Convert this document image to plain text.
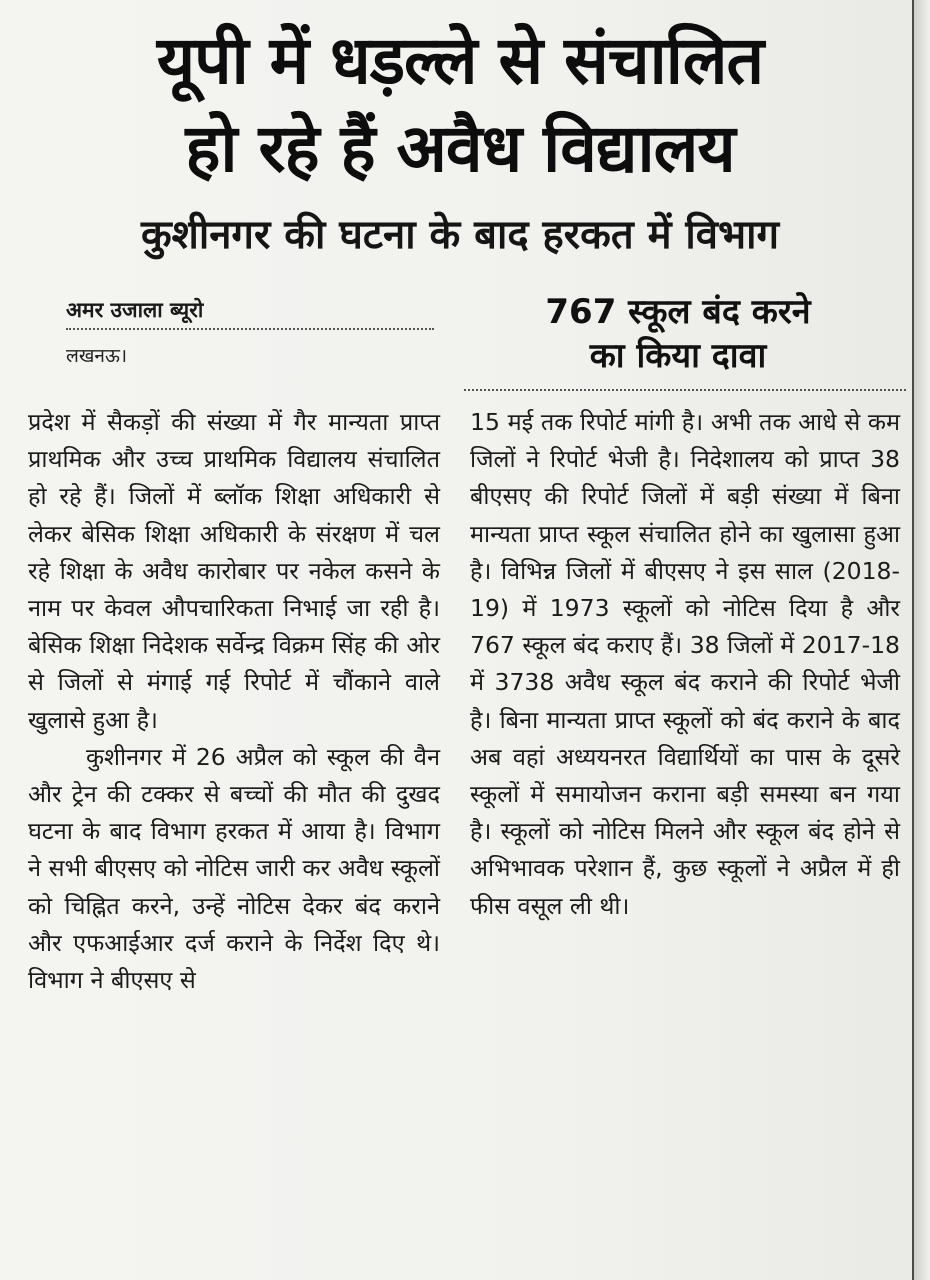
यूपी में धड़ल्ले से संचालित
हो रहे हैं अवैध विद्यालय
कुशीनगर की घटना के बाद हरकत में विभाग
अमर उजाला ब्यूरो
लखनऊ।
767 स्कूल बंद करने
का किया दावा

प्रदेश में सैकड़ों की संख्या में गैर मान्यता प्राप्त प्राथमिक और उच्च प्राथमिक विद्यालय संचालित हो रहे हैं। जिलों में ब्लॉक शिक्षा अधिकारी से लेकर बेसिक शिक्षा अधिकारी के संरक्षण में चल रहे शिक्षा के अवैध कारोबार पर नकेल कसने के नाम पर केवल औपचारिकता निभाई जा रही है। बेसिक शिक्षा निदेशक सर्वेन्द्र विक्रम सिंह की ओर से जिलों से मंगाई गई रिपोर्ट में चौंकाने वाले खुलासे हुआ है।

कुशीनगर में 26 अप्रैल को स्कूल की वैन और ट्रेन की टक्कर से बच्चों की मौत की दुखद घटना के बाद विभाग हरकत में आया है। विभाग ने सभी बीएसए को नोटिस जारी कर अवैध स्कूलों को चिह्नित करने, उन्हें नोटिस देकर बंद कराने और एफआईआर दर्ज कराने के निर्देश दिए थे। विभाग ने बीएसए से

15 मई तक रिपोर्ट मांगी है। अभी तक आधे से कम जिलों ने रिपोर्ट भेजी है। निदेशालय को प्राप्त 38 बीएसए की रिपोर्ट जिलों में बड़ी संख्या में बिना मान्यता प्राप्त स्कूल संचालित होने का खुलासा हुआ है। विभिन्न जिलों में बीएसए ने इस साल (2018-19) में 1973 स्कूलों को नोटिस दिया है और 767 स्कूल बंद कराए हैं। 38 जिलों में 2017-18 में 3738 अवैध स्कूल बंद कराने की रिपोर्ट भेजी है। बिना मान्यता प्राप्त स्कूलों को बंद कराने के बाद अब वहां अध्ययनरत विद्यार्थियों का पास के दूसरे स्कूलों में समायोजन कराना बड़ी समस्या बन गया है। स्कूलों को नोटिस मिलने और स्कूल बंद होने से अभिभावक परेशान हैं, कुछ स्कूलों ने अप्रैल में ही फीस वसूल ली थी।
